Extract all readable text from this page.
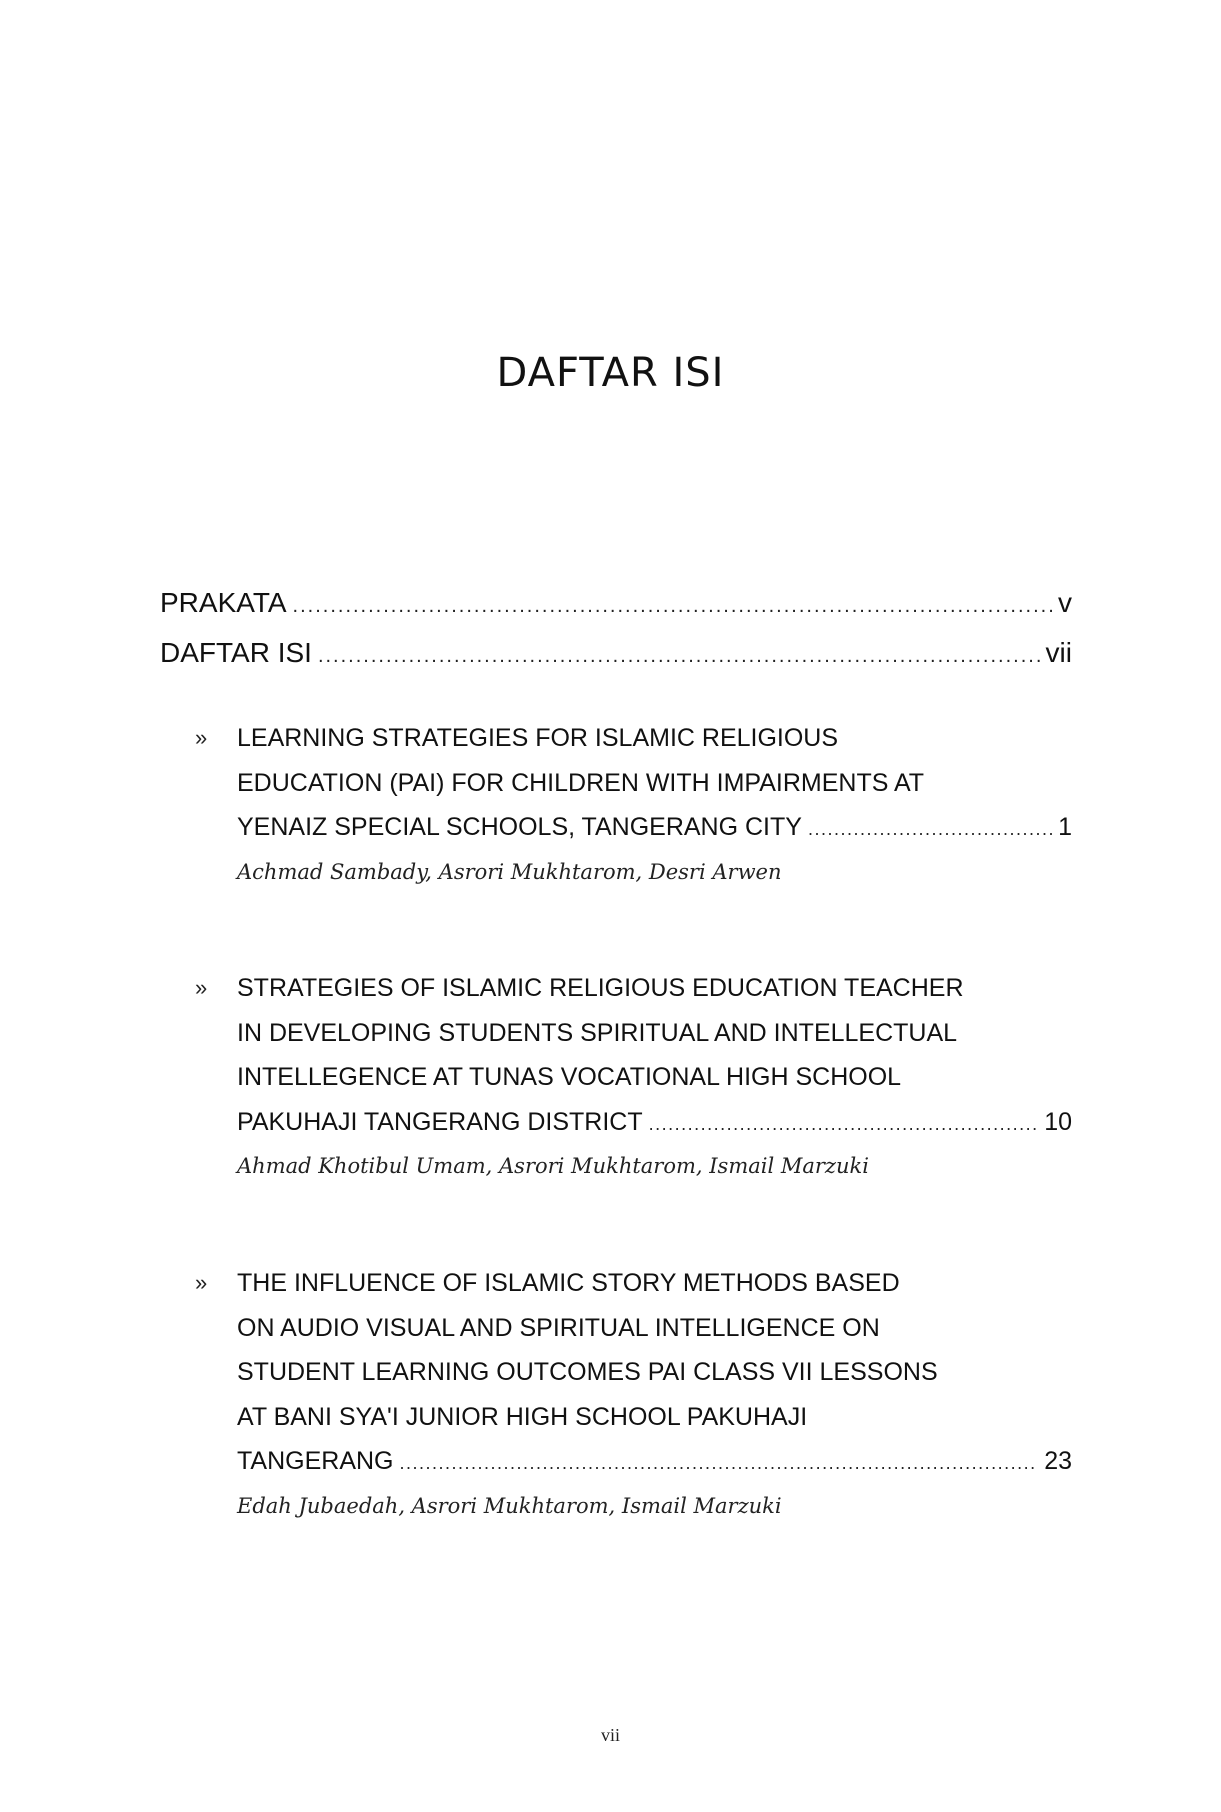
DAFTAR ISI
PRAKATA .....	v
DAFTAR ISI .....	vii
» LEARNING STRATEGIES FOR ISLAMIC RELIGIOUS
EDUCATION (PAI) FOR CHILDREN WITH IMPAIRMENTS AT
YENAIZ SPECIAL SCHOOLS, TANGERANG CITY .....	1
Achmad Sambady, Asrori Mukhtarom, Desri Arwen
» STRATEGIES OF ISLAMIC RELIGIOUS EDUCATION TEACHER
IN DEVELOPING STUDENTS SPIRITUAL AND INTELLECTUAL
INTELLEGENCE AT TUNAS VOCATIONAL HIGH SCHOOL
PAKUHAJI TANGERANG DISTRICT .....	10
Ahmad Khotibul Umam, Asrori Mukhtarom, Ismail Marzuki
» THE INFLUENCE OF ISLAMIC STORY METHODS BASED
ON AUDIO VISUAL AND SPIRITUAL INTELLIGENCE ON
STUDENT LEARNING OUTCOMES PAI CLASS VII LESSONS
AT BANI SYA'I JUNIOR HIGH SCHOOL PAKUHAJI
TANGERANG .....	23
Edah Jubaedah, Asrori Mukhtarom, Ismail Marzuki
vii
